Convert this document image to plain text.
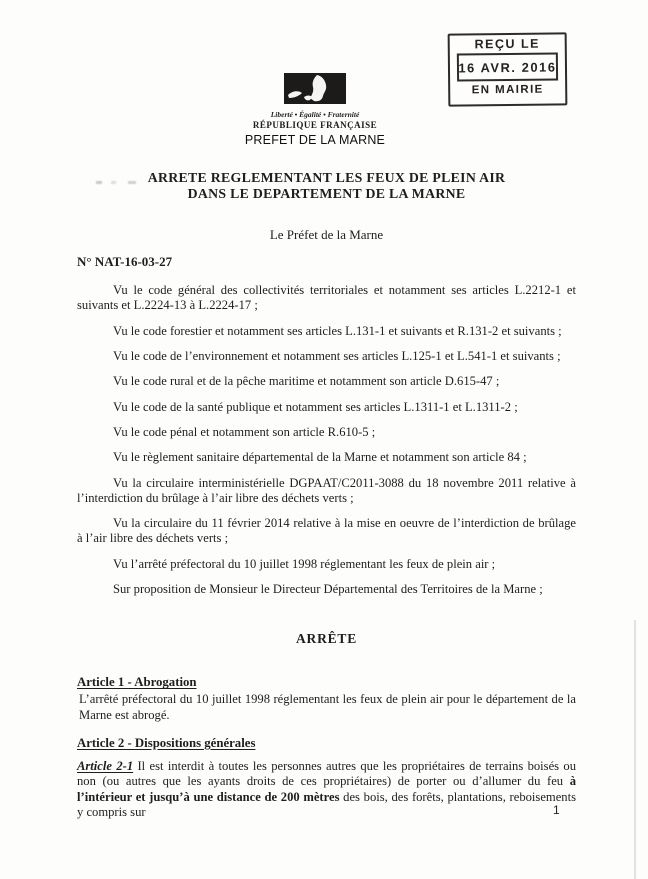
REÇU LE
16 AVR. 2016
EN MAIRIE
Liberté • Égalité • Fraternité
RÉPUBLIQUE FRANÇAISE
PREFET DE LA MARNE
ARRETE REGLEMENTANT LES FEUX DE PLEIN AIR
DANS LE DEPARTEMENT DE LA MARNE
Le Préfet de la Marne
N° NAT-16-03-27

Vu le code général des collectivités territoriales et notamment ses articles L.2212-1 et suivants et L.2224-13 à L.2224-17 ;

Vu le code forestier et notamment ses articles L.131-1 et suivants et R.131-2 et suivants ;

Vu le code de l’environnement et notamment ses articles L.125-1 et L.541-1 et suivants ;

Vu le code rural et de la pêche maritime et notamment son article D.615-47 ;

Vu le code de la santé publique et notamment ses articles L.1311-1 et L.1311-2 ;

Vu le code pénal et notamment son article R.610-5 ;

Vu le règlement sanitaire départemental de la Marne et notamment son article 84 ;

Vu la circulaire interministérielle DGPAAT/C2011-3088 du 18 novembre 2011 relative à l’interdiction du brûlage à l’air libre des déchets verts ;

Vu la circulaire du 11 février 2014 relative à la mise en oeuvre de l’interdiction de brûlage à l’air libre des déchets verts ;

Vu l’arrêté préfectoral du 10 juillet 1998 réglementant les feux de plein air ;

Sur proposition de Monsieur le Directeur Départemental des Territoires de la Marne ;

ARRÊTE
Article 1 - Abrogation

L’arrêté préfectoral du 10 juillet 1998 réglementant les feux de plein air pour le département de la Marne est abrogé.

Article 2 - Dispositions générales

Article 2-1 Il est interdit à toutes les personnes autres que les propriétaires de terrains boisés ou non (ou autres que les ayants droits de ces propriétaires) de porter ou d’allumer du feu à l’intérieur et jusqu’à une distance de 200 mètres des bois, des forêts, plantations, reboisements y compris sur	1
